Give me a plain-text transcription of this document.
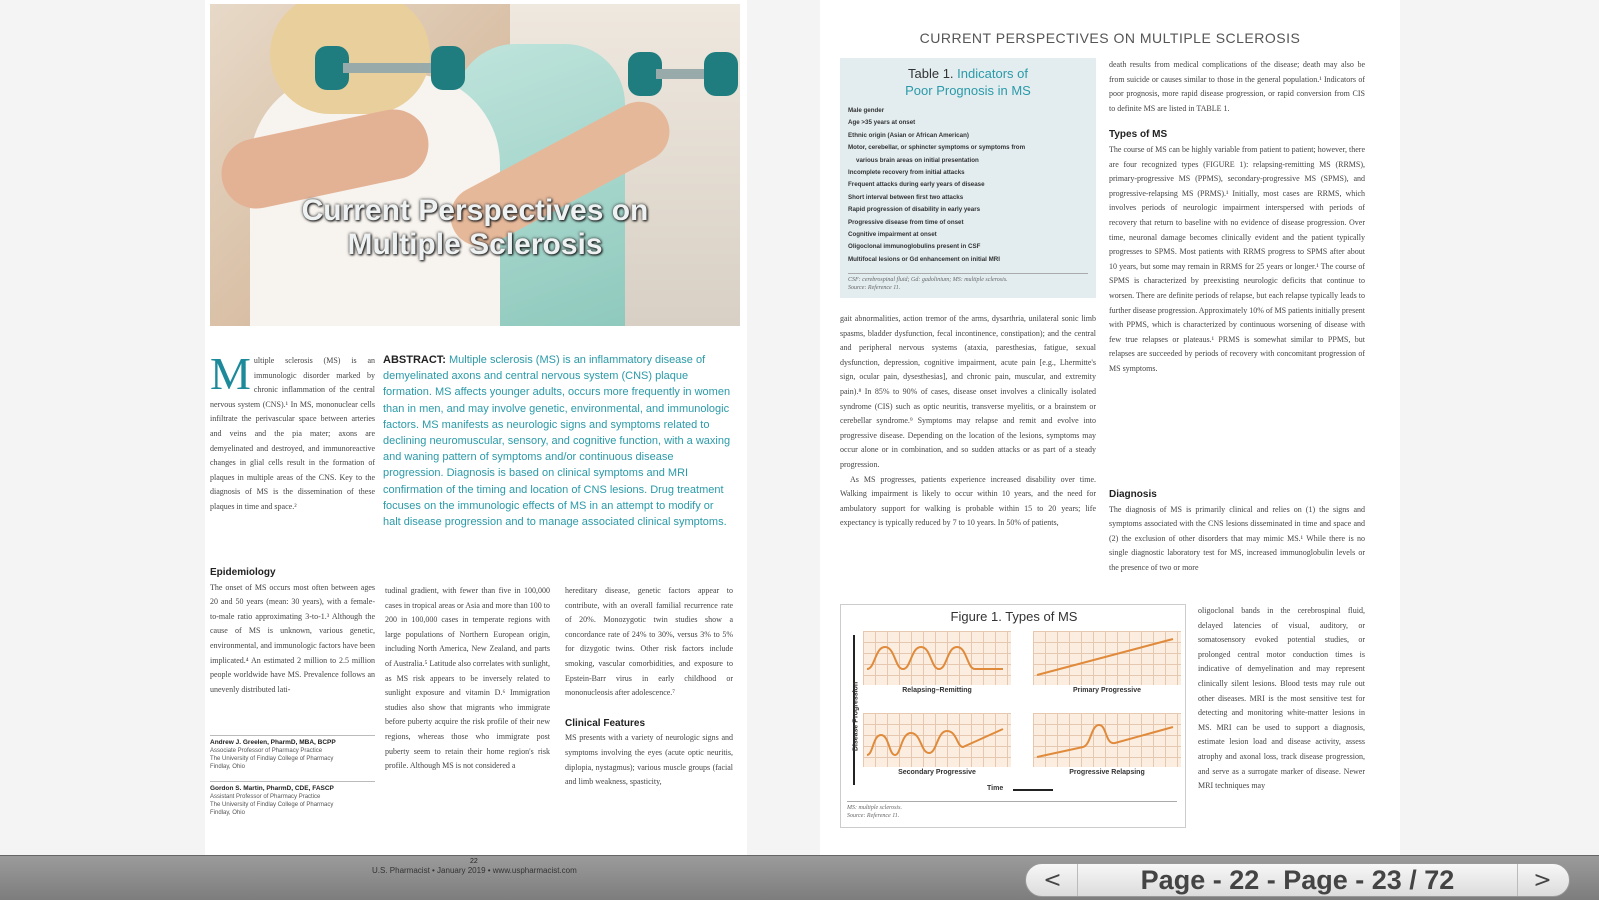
Current Perspectives on
Multiple Sclerosis
Multiple sclerosis (MS) is an immunologic disorder marked by chronic inflammation of the central nervous system (CNS).¹ In MS, mononuclear cells infiltrate the perivascular space between arteries and veins and the pia mater; axons are demyelinated and destroyed, and immunoreactive changes in glial cells result in the formation of plaques in multiple areas of the CNS. Key to the diagnosis of MS is the dissemination of these plaques in time and space.²
ABSTRACT: Multiple sclerosis (MS) is an inflammatory disease of demyelinated axons and central nervous system (CNS) plaque formation. MS affects younger adults, occurs more frequently in women than in men, and may involve genetic, environmental, and immunologic factors. MS manifests as neurologic signs and symptoms related to declining neuromuscular, sensory, and cognitive function, with a waxing and waning pattern of symptoms and/or continuous disease progression. Diagnosis is based on clinical symptoms and MRI confirmation of the timing and location of CNS lesions. Drug treatment focuses on the immunologic effects of MS in an attempt to modify or halt disease progression and to manage associated clinical symptoms.
Epidemiology
The onset of MS occurs most often between ages 20 and 50 years (mean: 30 years), with a female-to-male ratio approximating 3-to-1.³ Although the cause of MS is unknown, various genetic, environmental, and immunologic factors have been implicated.⁴ An estimated 2 million to 2.5 million people worldwide have MS. Prevalence follows an unevenly distributed lati-
Andrew J. Greelen, PharmD, MBA, BCPP
Associate Professor of Pharmacy Practice
The University of Findlay College of Pharmacy
Findlay, Ohio
Gordon S. Martin, PharmD, CDE, FASCP
Assistant Professor of Pharmacy Practice
The University of Findlay College of Pharmacy
Findlay, Ohio
tudinal gradient, with fewer than five in 100,000 cases in tropical areas or Asia and more than 100 to 200 in 100,000 cases in temperate regions with large populations of Northern European origin, including North America, New Zealand, and parts of Australia.⁵ Latitude also correlates with sunlight, as MS risk appears to be inversely related to sunlight exposure and vitamin D.⁶ Immigration studies also show that migrants who immigrate before puberty acquire the risk profile of their new regions, whereas those who immigrate post puberty seem to retain their home region's risk profile. Although MS is not considered a
hereditary disease, genetic factors appear to contribute, with an overall familial recurrence rate of 20%. Monozygotic twin studies show a concordance rate of 24% to 30%, versus 3% to 5% for dizygotic twins. Other risk factors include smoking, vascular comorbidities, and exposure to Epstein-Barr virus in early childhood or mononucleosis after adolescence.⁷
Clinical Features
MS presents with a variety of neurologic signs and symptoms involving the eyes (acute optic neuritis, diplopia, nystagmus); various muscle groups (facial and limb weakness, spasticity,
CURRENT PERSPECTIVES ON MULTIPLE SCLEROSIS
Table 1. Indicators of
Poor Prognosis in MS
Male gender
Age >35 years at onset
Ethnic origin (Asian or African American)
Motor, cerebellar, or sphincter symptoms or symptoms from
various brain areas on initial presentation
Incomplete recovery from initial attacks
Frequent attacks during early years of disease
Short interval between first two attacks
Rapid progression of disability in early years
Progressive disease from time of onset
Cognitive impairment at onset
Oligoclonal immunoglobulins present in CSF
Multifocal lesions or Gd enhancement on initial MRI
CSF: cerebrospinal fluid; Gd: gadolinium; MS: multiple sclerosis.
Source: Reference 11.
gait abnormalities, action tremor of the arms, dysarthria, unilateral sonic limb spasms, bladder dysfunction, fecal incontinence, constipation); and the central and peripheral nervous systems (ataxia, paresthesias, fatigue, sexual dysfunction, depression, cognitive impairment, acute pain [e.g., Lhermitte's sign, ocular pain, dysesthesias], and chronic pain, muscular, and extremity pain).⁸ In 85% to 90% of cases, disease onset involves a clinically isolated syndrome (CIS) such as optic neuritis, transverse myelitis, or a brainstem or cerebellar syndrome.⁹ Symptoms may relapse and remit and evolve into progressive disease. Depending on the location of the lesions, symptoms may occur alone or in combination, and so sudden attacks or as part of a steady progression.
As MS progresses, patients experience increased disability over time. Walking impairment is likely to occur within 10 years, and the need for ambulatory support for walking is probable within 15 to 20 years; life expectancy is typically reduced by 7 to 10 years. In 50% of patients,
death results from medical complications of the disease; death may also be from suicide or causes similar to those in the general population.¹ Indicators of poor prognosis, more rapid disease progression, or rapid conversion from CIS to definite MS are listed in TABLE 1.
Types of MS
The course of MS can be highly variable from patient to patient; however, there are four recognized types (FIGURE 1): relapsing-remitting MS (RRMS), primary-progressive MS (PPMS), secondary-progressive MS (SPMS), and progressive-relapsing MS (PRMS).¹ Initially, most cases are RRMS, which involves periods of neurologic impairment interspersed with periods of recovery that return to baseline with no evidence of disease progression. Over time, neuronal damage becomes clinically evident and the patient typically progresses to SPMS. Most patients with RRMS progress to SPMS after about 10 years, but some may remain in RRMS for 25 years or longer.¹ The course of SPMS is characterized by preexisting neurologic deficits that continue to worsen. There are definite periods of relapse, but each relapse typically leads to further disease progression. Approximately 10% of MS patients initially present with PPMS, which is characterized by continuous worsening of disease with few true relapses or plateaus.¹ PRMS is somewhat similar to PPMS, but relapses are succeeded by periods of recovery with concomitant progression of MS symptoms.
Diagnosis
The diagnosis of MS is primarily clinical and relies on (1) the signs and symptoms associated with the CNS lesions disseminated in time and space and (2) the exclusion of other disorders that may mimic MS.¹ While there is no single diagnostic laboratory test for MS, increased immunoglobulin levels or the presence of two or more
oligoclonal bands in the cerebrospinal fluid, delayed latencies of visual, auditory, or somatosensory evoked potential studies, or prolonged central motor conduction times is indicative of demyelination and may represent clinically silent lesions. Blood tests may rule out other diseases. MRI is the most sensitive test for detecting and monitoring white-matter lesions in MS. MRI can be used to support a diagnosis, estimate lesion load and disease activity, assess atrophy and axonal loss, track disease progression, and serve as a surrogate marker of disease. Newer MRI techniques may
Figure 1. Types of MS
Disease Progression	Relapsing–Remitting	Primary Progressive
Secondary Progressive	Progressive Relapsing
Time
MS: multiple sclerosis.
Source: Reference 11.
22
U.S. Pharmacist • January 2019 • www.uspharmacist.com	<	Page - 22 - Page - 23 / 72	>
